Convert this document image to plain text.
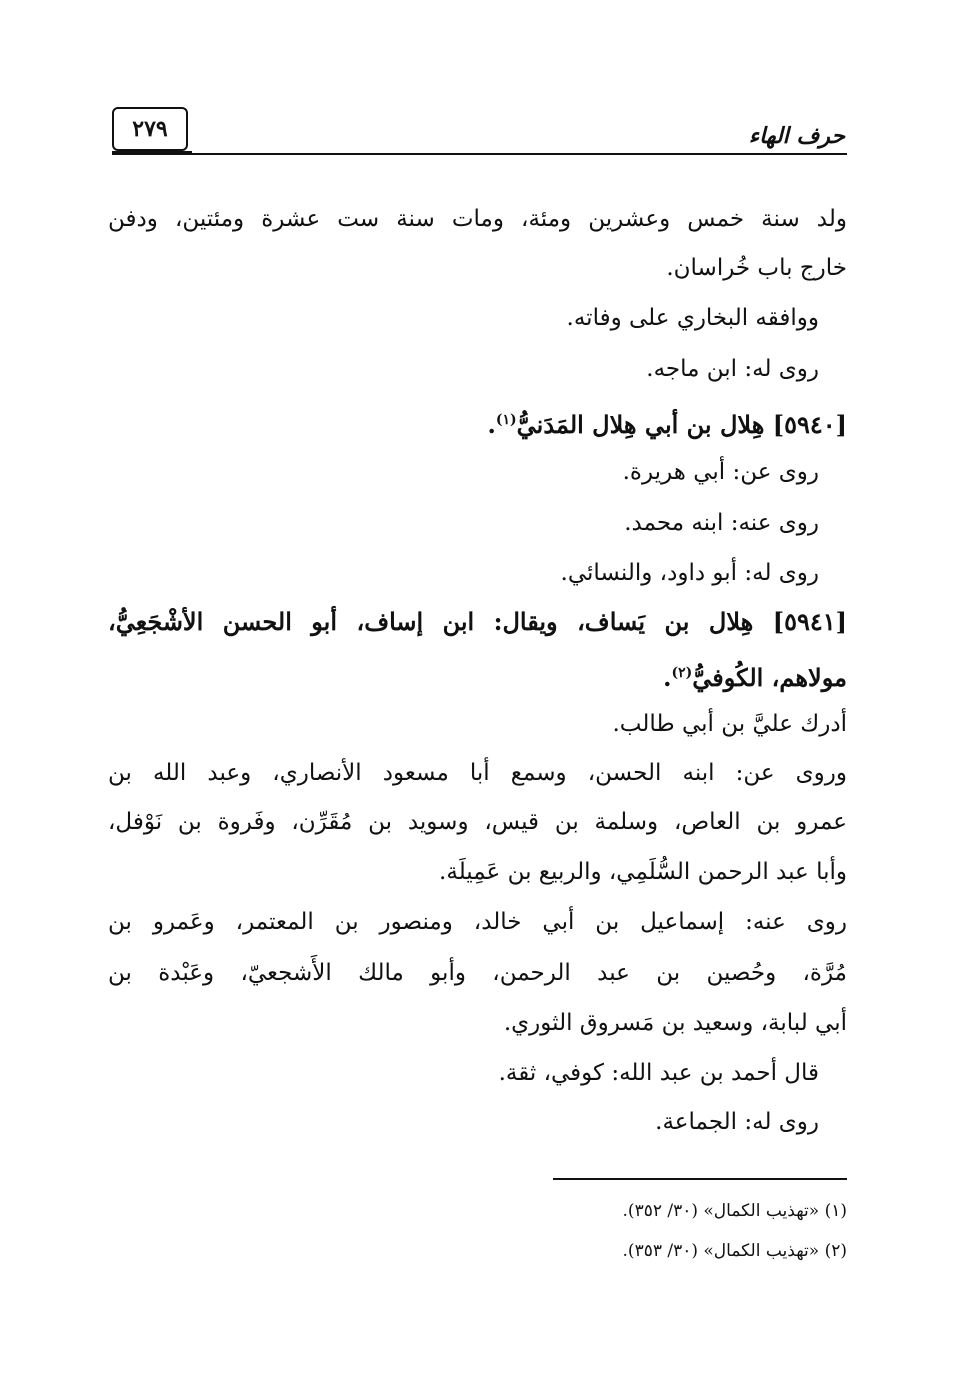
حرف الهاء
٢٧٩
ولد سنة خمس وعشرين ومئة، ومات سنة ست عشرة ومئتين، ودفن
خارج باب خُراسان.
ووافقه البخاري على وفاته.
روى له: ابن ماجه.
[٥٩٤٠] هِلال بن أبي هِلال المَدَنيُّ$^{(١)}$.
روى عن: أبي هريرة.
روى عنه: ابنه محمد.
روى له: أبو داود، والنسائي.
[٥٩٤١] هِلال بن يَساف، ويقال: ابن إساف، أبو الحسن الأشْجَعِيُّ،
مولاهم، الكُوفيُّ$^{(٢)}$.
أدرك عليَّ بن أبي طالب.
وروى عن: ابنه الحسن، وسمع أبا مسعود الأنصاري، وعبد الله بن
عمرو بن العاص، وسلمة بن قيس، وسويد بن مُقَرِّن، وفَروة بن نَوْفل،
وأبا عبد الرحمن السُّلَمِي، والربيع بن عَمِيلَة.
روى عنه: إسماعيل بن أبي خالد، ومنصور بن المعتمر، وعَمرو بن
مُرَّة، وحُصين بن عبد الرحمن، وأبو مالك الأَشجعيّ، وعَبْدة بن
أبي لبابة، وسعيد بن مَسروق الثوري.
قال أحمد بن عبد الله: كوفي، ثقة.
روى له: الجماعة.
(١) «تهذيب الكمال» (٣٠/ ٣٥٢).
(٢) «تهذيب الكمال» (٣٠/ ٣٥٣).
